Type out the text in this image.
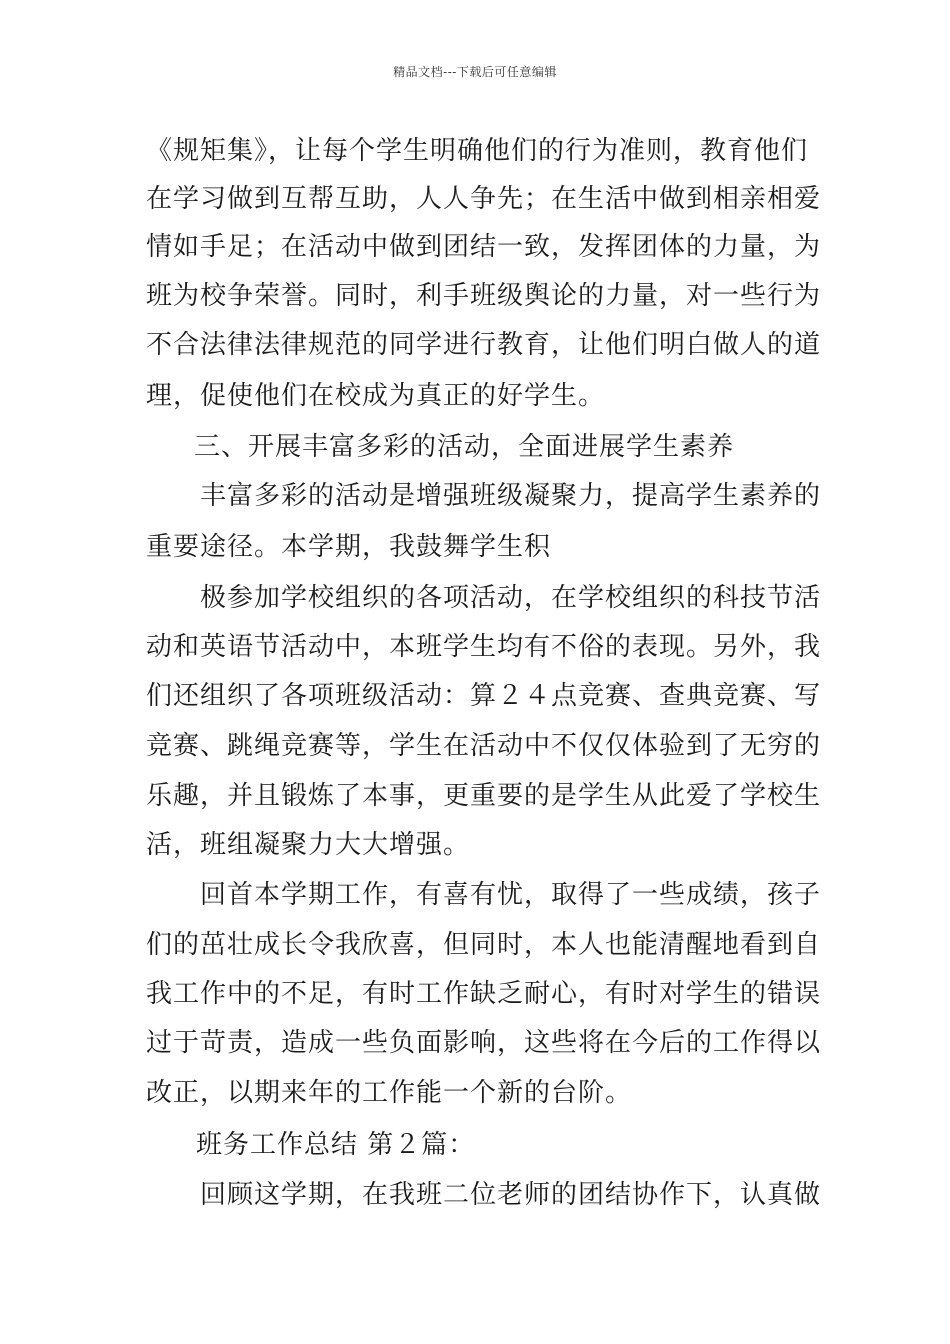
精品文档---下载后可任意编辑
《规矩集》，让每个学生明确他们的行为准则，教育他们
在学习做到互帮互助，人人争先；在生活中做到相亲相爱
情如手足；在活动中做到团结一致，发挥团体的力量，为
班为校争荣誉。同时，利手班级舆论的力量，对一些行为
不合法律法律规范的同学进行教育，让他们明白做人的道
理，促使他们在校成为真正的好学生。
三、开展丰富多彩的活动，全面进展学生素养
丰富多彩的活动是增强班级凝聚力，提高学生素养的
重要途径。本学期，我鼓舞学生积
极参加学校组织的各项活动，在学校组织的科技节活
动和英语节活动中，本班学生均有不俗的表现。另外，我
们还组织了各项班级活动：算２４点竞赛、查典竞赛、写
竞赛、跳绳竞赛等，学生在活动中不仅仅体验到了无穷的
乐趣，并且锻炼了本事，更重要的是学生从此爱了学校生
活，班组凝聚力大大增强。
回首本学期工作，有喜有忧，取得了一些成绩，孩子
们的茁壮成长令我欣喜，但同时，本人也能清醒地看到自
我工作中的不足，有时工作缺乏耐心，有时对学生的错误
过于苛责，造成一些负面影响，这些将在今后的工作得以
改正，以期来年的工作能一个新的台阶。
班务工作总结 第２篇：
回顾这学期，在我班二位老师的团结协作下，认真做
